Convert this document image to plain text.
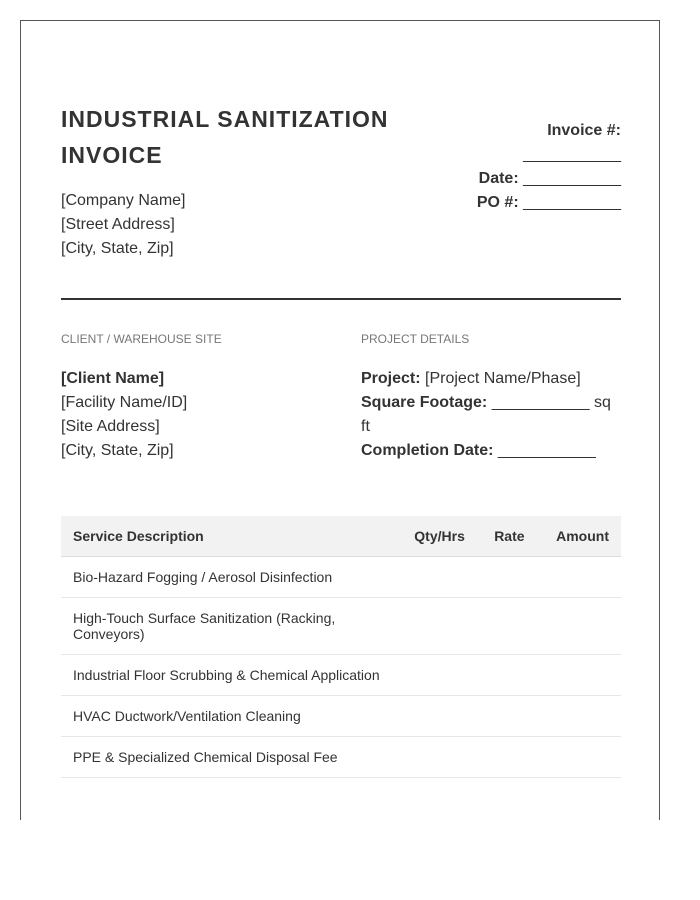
INDUSTRIAL SANITIZATION INVOICE
[Company Name]
[Street Address]
[City, State, Zip]
Invoice #:
___________
Date: ___________
PO #: ___________
CLIENT / WAREHOUSE SITE
[Client Name]
[Facility Name/ID]
[Site Address]
[City, State, Zip]
PROJECT DETAILS
Project: [Project Name/Phase]
Square Footage: ___________ sq ft
Completion Date: ___________
Service Description	Qty/Hrs	Rate	Amount
Bio-Hazard Fogging / Aerosol Disinfection			
High-Touch Surface Sanitization (Racking, Conveyors)			
Industrial Floor Scrubbing & Chemical Application			
HVAC Ductwork/Ventilation Cleaning			
PPE & Specialized Chemical Disposal Fee			
